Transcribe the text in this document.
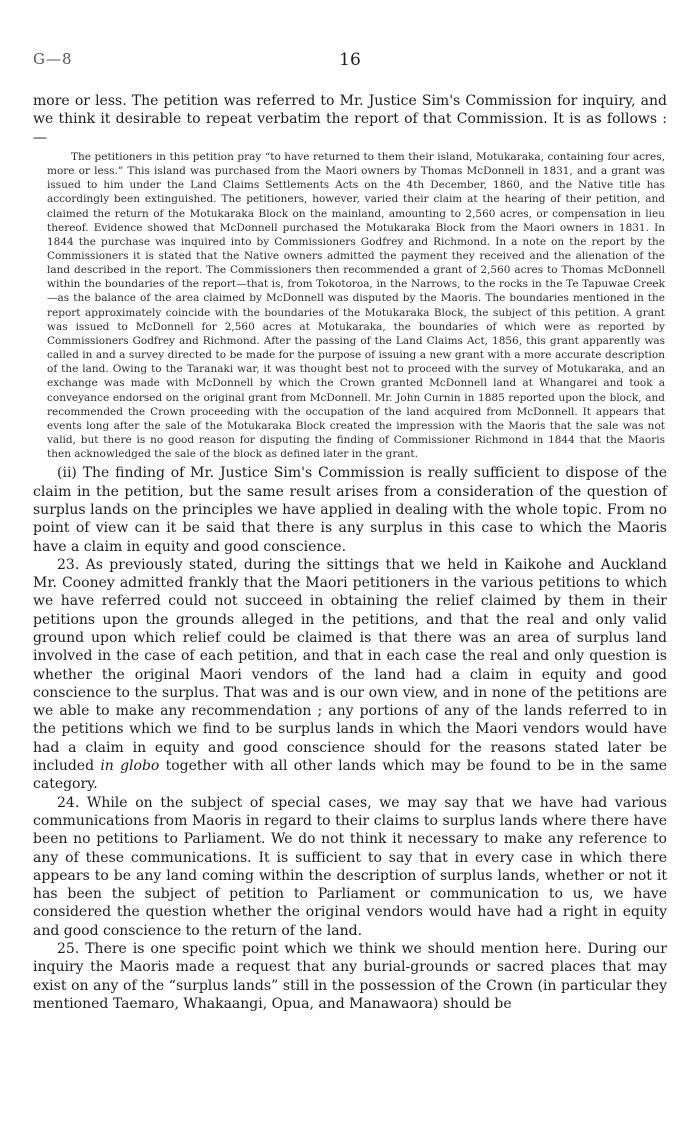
G—8	16

more or less. The petition was referred to Mr. Justice Sim's Commission for inquiry, and we think it desirable to repeat verbatim the report of that Commission. It is as follows :—

The petitioners in this petition pray “to have returned to them their island, Motukaraka, containing four acres, more or less.” This island was purchased from the Maori owners by Thomas McDonnell in 1831, and a grant was issued to him under the Land Claims Settlements Acts on the 4th December, 1860, and the Native title has accordingly been extinguished. The petitioners, however, varied their claim at the hearing of their petition, and claimed the return of the Motukaraka Block on the mainland, amounting to 2,560 acres, or compensation in lieu thereof. Evidence showed that McDonnell purchased the Motukaraka Block from the Maori owners in 1831. In 1844 the purchase was inquired into by Commissioners Godfrey and Richmond. In a note on the report by the Commissioners it is stated that the Native owners admitted the payment they received and the alienation of the land described in the report. The Commissioners then recommended a grant of 2,560 acres to Thomas McDonnell within the boundaries of the report—that is, from Tokotoroa, in the Narrows, to the rocks in the Te Tapuwae Creek—as the balance of the area claimed by McDonnell was disputed by the Maoris. The boundaries mentioned in the report approximately coincide with the boundaries of the Motukaraka Block, the subject of this petition. A grant was issued to McDonnell for 2,560 acres at Motukaraka, the boundaries of which were as reported by Commissioners Godfrey and Richmond. After the passing of the Land Claims Act, 1856, this grant apparently was called in and a survey directed to be made for the purpose of issuing a new grant with a more accurate description of the land. Owing to the Taranaki war, it was thought best not to proceed with the survey of Motukaraka, and an exchange was made with McDonnell by which the Crown granted McDonnell land at Whangarei and took a conveyance endorsed on the original grant from McDonnell. Mr. John Curnin in 1885 reported upon the block, and recommended the Crown proceeding with the occupation of the land acquired from McDonnell. It appears that events long after the sale of the Motukaraka Block created the impression with the Maoris that the sale was not valid, but there is no good reason for disputing the finding of Commissioner Richmond in 1844 that the Maoris then acknowledged the sale of the block as defined later in the grant.

(ii) The finding of Mr. Justice Sim's Commission is really sufficient to dispose of the claim in the petition, but the same result arises from a consideration of the question of surplus lands on the principles we have applied in dealing with the whole topic. From no point of view can it be said that there is any surplus in this case to which the Maoris have a claim in equity and good conscience.

23. As previously stated, during the sittings that we held in Kaikohe and Auckland Mr. Cooney admitted frankly that the Maori petitioners in the various petitions to which we have referred could not succeed in obtaining the relief claimed by them in their petitions upon the grounds alleged in the petitions, and that the real and only valid ground upon which relief could be claimed is that there was an area of surplus land involved in the case of each petition, and that in each case the real and only question is whether the original Maori vendors of the land had a claim in equity and good conscience to the surplus. That was and is our own view, and in none of the petitions are we able to make any recommendation ; any portions of any of the lands referred to in the petitions which we find to be surplus lands in which the Maori vendors would have had a claim in equity and good conscience should for the reasons stated later be included in globo together with all other lands which may be found to be in the same category.

24. While on the subject of special cases, we may say that we have had various communications from Maoris in regard to their claims to surplus lands where there have been no petitions to Parliament. We do not think it necessary to make any reference to any of these communications. It is sufficient to say that in every case in which there appears to be any land coming within the description of surplus lands, whether or not it has been the subject of petition to Parliament or communication to us, we have considered the question whether the original vendors would have had a right in equity and good conscience to the return of the land.

25. There is one specific point which we think we should mention here. During our inquiry the Maoris made a request that any burial-grounds or sacred places that may exist on any of the “surplus lands” still in the possession of the Crown (in particular they mentioned Taemaro, Whakaangi, Opua, and Manawaora) should be
